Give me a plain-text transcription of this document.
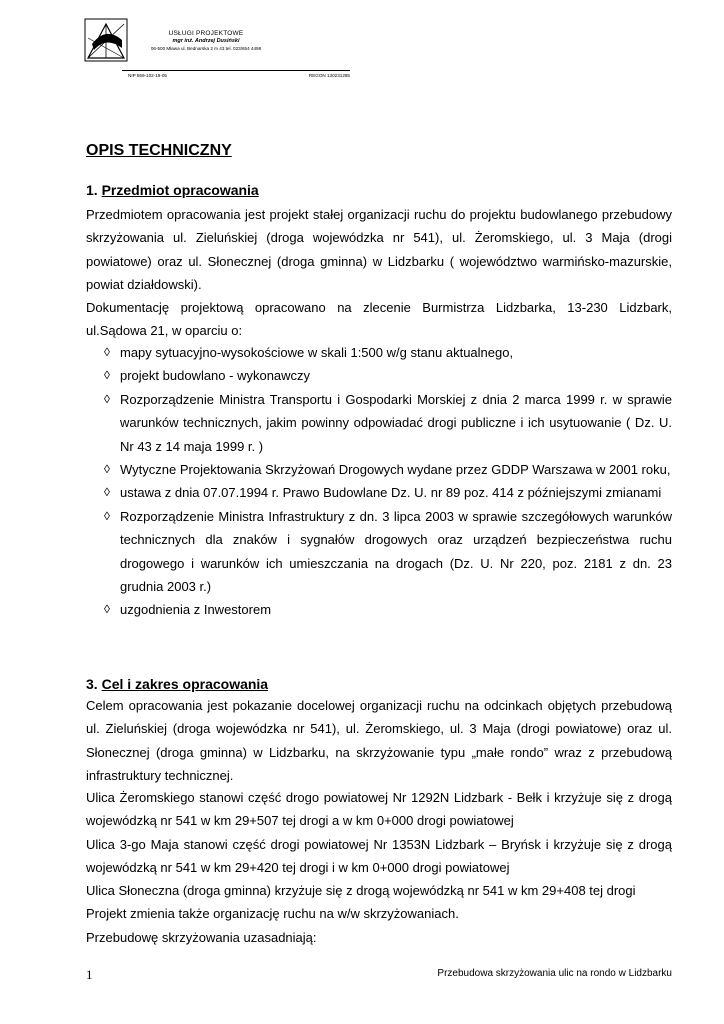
USŁUGI PROJEKTOWE
mgr inż. Andrzej Dusiński
06-500 Mława ul. Bednarska 2 m 43 tel. 023/654 4498
NIP 569-102-19-05	REGON 130231285
OPIS TECHNICZNY
1. Przedmiot opracowania

Przedmiotem opracowania jest projekt stałej organizacji ruchu do projektu budowlanego przebudowy skrzyżowania ul. Zieluńskiej (droga wojewódzka nr 541), ul. Żeromskiego, ul. 3 Maja (drogi powiatowe) oraz ul. Słonecznej (droga gminna) w Lidzbarku ( województwo warmińsko-mazurskie, powiat działdowski).

Dokumentację projektową opracowano na zlecenie Burmistrza Lidzbarka, 13-230 Lidzbark, ul.Sądowa 21, w oparciu o:

◊ mapy sytuacyjno-wysokościowe w skali 1:500 w/g stanu aktualnego,
◊ projekt budowlano - wykonawczy
◊ Rozporządzenie Ministra Transportu i Gospodarki Morskiej z dnia 2 marca 1999 r. w sprawie warunków technicznych, jakim powinny odpowiadać drogi publiczne i ich usytuowanie ( Dz. U. Nr 43 z 14 maja 1999 r. )
◊ Wytyczne Projektowania Skrzyżowań Drogowych wydane przez GDDP Warszawa w 2001 roku,
◊ ustawa z dnia 07.07.1994 r. Prawo Budowlane Dz. U. nr 89 poz. 414 z późniejszymi zmianami
◊ Rozporządzenie Ministra Infrastruktury z dn. 3 lipca 2003 w sprawie szczegółowych warunków technicznych dla znaków i sygnałów drogowych oraz urządzeń bezpieczeństwa ruchu drogowego i warunków ich umieszczania na drogach (Dz. U. Nr 220, poz. 2181 z dn. 23 grudnia 2003 r.)
◊ uzgodnienia z Inwestorem
3. Cel i zakres opracowania

Celem opracowania jest pokazanie docelowej organizacji ruchu na odcinkach objętych przebudową ul. Zieluńskiej (droga wojewódzka nr 541), ul. Żeromskiego, ul. 3 Maja (drogi powiatowe) oraz ul. Słonecznej (droga gminna) w Lidzbarku, na skrzyżowanie typu „małe rondo” wraz z przebudową infrastruktury technicznej.

Ulica Żeromskiego stanowi część drogo powiatowej Nr 1292N Lidzbark - Bełk i krzyżuje się z drogą wojewódzką nr 541 w km 29+507 tej drogi a w km 0+000 drogi powiatowej

Ulica 3-go Maja stanowi część drogi powiatowej Nr 1353N Lidzbark – Bryńsk i krzyżuje się z drogą wojewódzką nr 541 w km 29+420 tej drogi i w km 0+000 drogi powiatowej

Ulica Słoneczna (droga gminna) krzyżuje się z drogą wojewódzką nr 541 w km 29+408 tej drogi

Projekt zmienia także organizację ruchu na w/w skrzyżowaniach.

Przebudowę skrzyżowania uzasadniają:

1	Przebudowa skrzyżowania ulic na rondo w Lidzbarku
